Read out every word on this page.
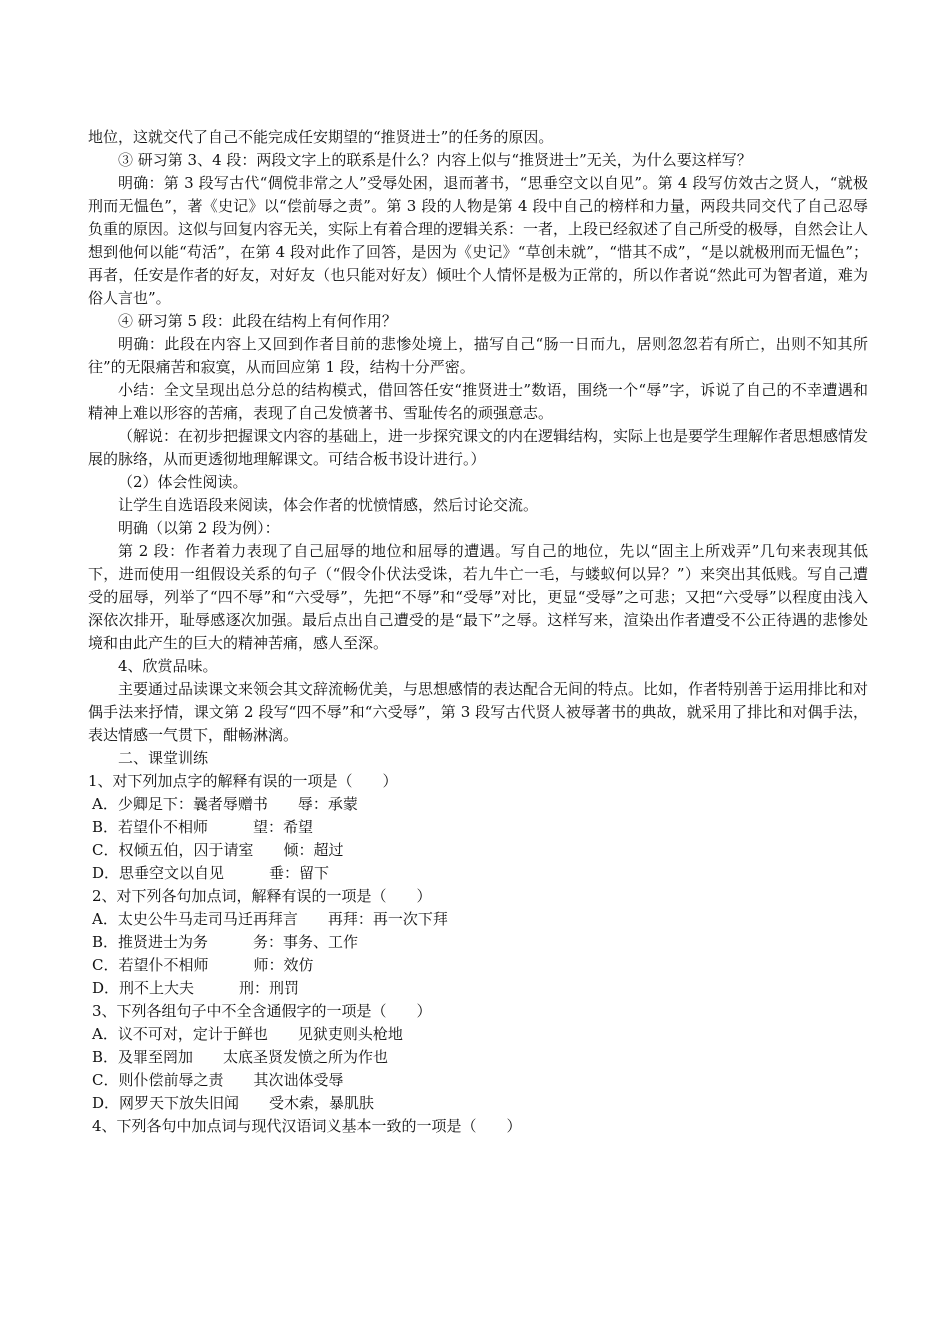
地位，这就交代了自己不能完成任安期望的“推贤进士”的任务的原因。
③ 研习第 3、4 段：两段文字上的联系是什么？内容上似与“推贤进士”无关，为什么要这样写？

明确：第 3 段写古代“倜傥非常之人”受辱处困，退而著书，“思垂空文以自见”。第 4 段写仿效古之贤人，“就极刑而无愠色”，著《史记》以“偿前辱之责”。第 3 段的人物是第 4 段中自己的榜样和力量，两段共同交代了自己忍辱负重的原因。这似与回复内容无关，实际上有着合理的逻辑关系：一者，上段已经叙述了自己所受的极辱，自然会让人想到他何以能“苟活”，在第 4 段对此作了回答，是因为《史记》“草创未就”，“惜其不成”，“是以就极刑而无愠色”；再者，任安是作者的好友，对好友（也只能对好友）倾吐个人情怀是极为正常的，所以作者说“然此可为智者道，难为俗人言也”。

④ 研习第 5 段：此段在结构上有何作用？

明确：此段在内容上又回到作者目前的悲惨处境上，描写自己“肠一日而九，居则忽忽若有所亡，出则不知其所往”的无限痛苦和寂寞，从而回应第 1 段，结构十分严密。

小结：全文呈现出总分总的结构模式，借回答任安“推贤进士”数语，围绕一个“辱”字，诉说了自己的不幸遭遇和精神上难以形容的苦痛，表现了自己发愤著书、雪耻传名的顽强意志。

（解说：在初步把握课文内容的基础上，进一步探究课文的内在逻辑结构，实际上也是要学生理解作者思想感情发展的脉络，从而更透彻地理解课文。可结合板书设计进行。）

（2）体会性阅读。
让学生自选语段来阅读，体会作者的忧愤情感，然后讨论交流。
明确（以第 2 段为例）：

第 2 段：作者着力表现了自己屈辱的地位和屈辱的遭遇。写自己的地位，先以“固主上所戏弄”几句来表现其低下，进而使用一组假设关系的句子（“假令仆伏法受诛，若九牛亡一毛，与蝼蚁何以异？”）来突出其低贱。写自己遭受的屈辱，列举了“四不辱”和“六受辱”，先把“不辱”和“受辱”对比，更显“受辱”之可悲；又把“六受辱”以程度由浅入深依次排开，耻辱感逐次加强。最后点出自己遭受的是“最下”之辱。这样写来，渲染出作者遭受不公正待遇的悲惨处境和由此产生的巨大的精神苦痛，感人至深。

4、欣赏品味。

主要通过品读课文来领会其文辞流畅优美，与思想感情的表达配合无间的特点。比如，作者特别善于运用排比和对偶手法来抒情，课文第 2 段写“四不辱”和“六受辱”，第 3 段写古代贤人被辱著书的典故，就采用了排比和对偶手法，表达情感一气贯下，酣畅淋漓。

二、课堂训练
1、对下列加点字的解释有误的一项是（　　）
A．少卿足下：曩者辱赠书　　辱：承蒙
B．若望仆不相师　　　望：希望
C．权倾五伯，囚于请室　　倾：超过
D．思垂空文以自见　　　垂：留下
2、对下列各句加点词，解释有误的一项是（　　）
A．太史公牛马走司马迁再拜言　　再拜：再一次下拜
B．推贤进士为务　　　务：事务、工作
C．若望仆不相师　　　师：效仿
D．刑不上大夫　　　刑：刑罚
3、下列各组句子中不全含通假字的一项是（　　）
A．议不可对，定计于鲜也　　见狱吏则头枪地
B．及罪至罔加　　太底圣贤发愤之所为作也
C．则仆偿前辱之责　　其次诎体受辱
D．网罗天下放失旧闻　　受木索，暴肌肤
4、下列各句中加点词与现代汉语词义基本一致的一项是（　　）
